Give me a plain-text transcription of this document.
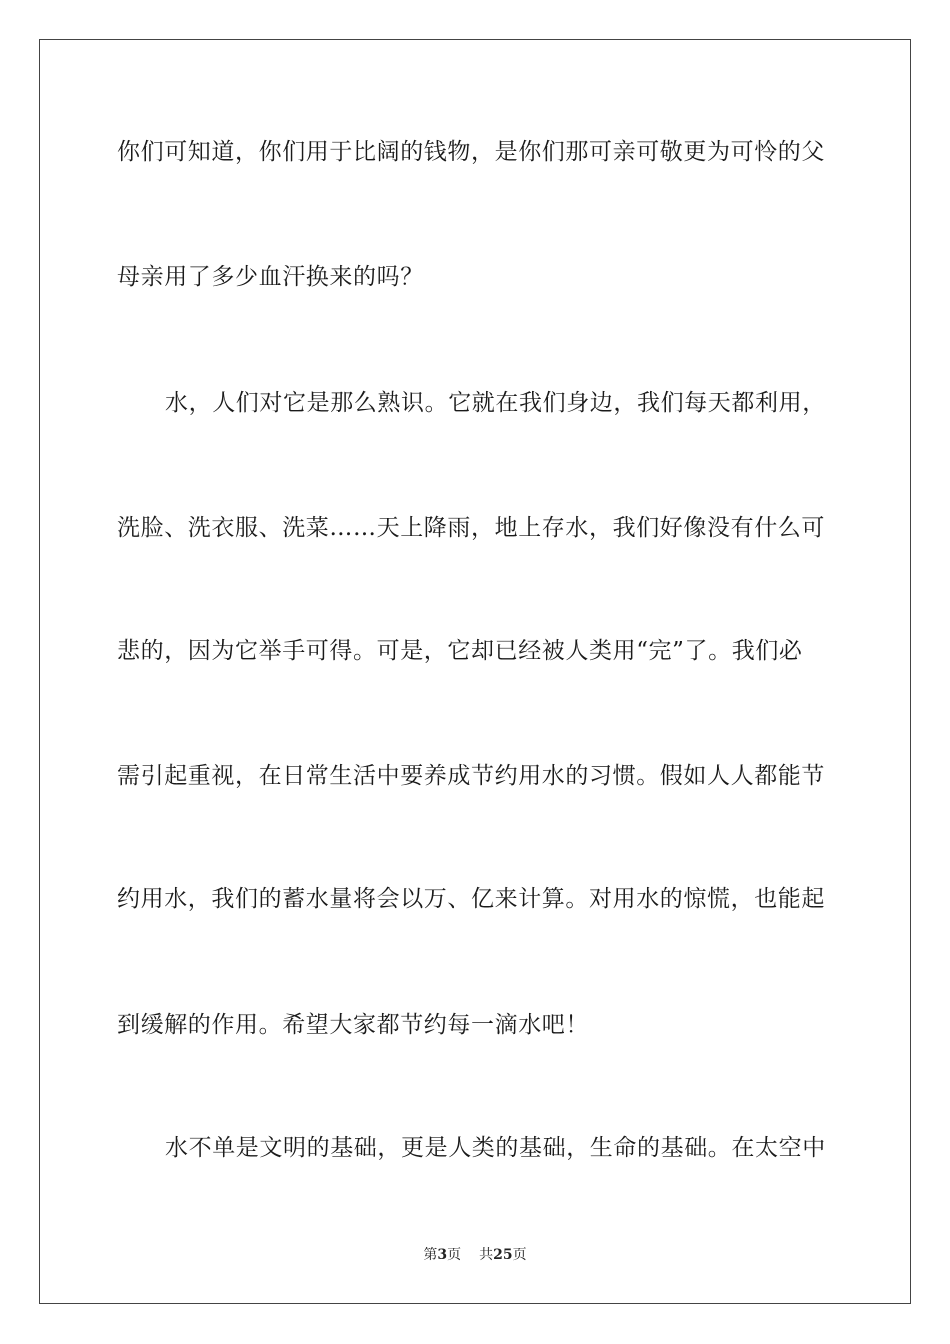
你们可知道，你们用于比阔的钱物，是你们那可亲可敬更为可怜的父
母亲用了多少血汗换来的吗？
水，人们对它是那么熟识。它就在我们身边，我们每天都利用，
洗脸、洗衣服、洗菜……天上降雨，地上存水，我们好像没有什么可
悲的，因为它举手可得。可是，它却已经被人类用“完”了。我们必
需引起重视，在日常生活中要养成节约用水的习惯。假如人人都能节
约用水，我们的蓄水量将会以万、亿来计算。对用水的惊慌，也能起
到缓解的作用。希望大家都节约每一滴水吧！
水不单是文明的基础，更是人类的基础，生命的基础。在太空中
第3页 共25页
